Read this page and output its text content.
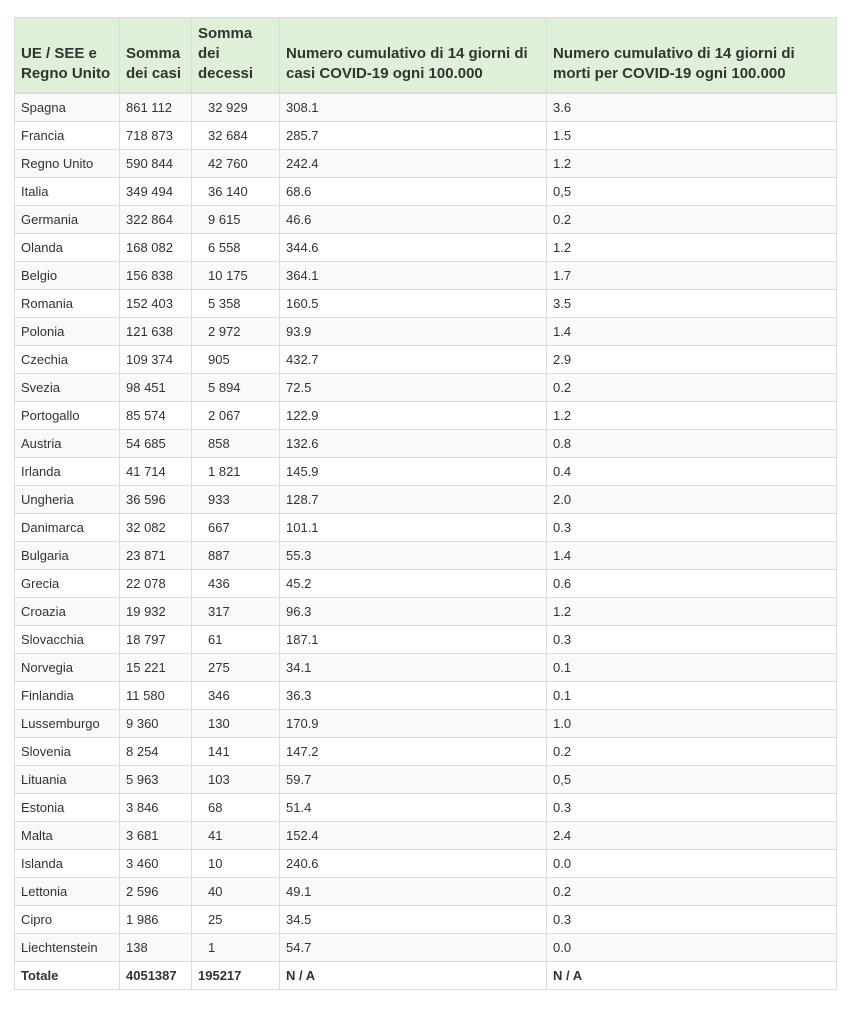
UE / SEE e Regno Unito	Somma dei casi	Somma dei decessi	Numero cumulativo di 14 giorni di casi COVID-19 ogni 100.000	Numero cumulativo di 14 giorni di morti per COVID-19 ogni 100.000
Spagna	861 112	32 929	308.1	3.6
Francia	718 873	32 684	285.7	1.5
Regno Unito	590 844	42 760	242.4	1.2
Italia	349 494	36 140	68.6	0,5
Germania	322 864	9 615	46.6	0.2
Olanda	168 082	6 558	344.6	1.2
Belgio	156 838	10 175	364.1	1.7
Romania	152 403	5 358	160.5	3.5
Polonia	121 638	2 972	93.9	1.4
Czechia	109 374	905	432.7	2.9
Svezia	98 451	5 894	72.5	0.2
Portogallo	85 574	2 067	122.9	1.2
Austria	54 685	858	132.6	0.8
Irlanda	41 714	1 821	145.9	0.4
Ungheria	36 596	933	128.7	2.0
Danimarca	32 082	667	101.1	0.3
Bulgaria	23 871	887	55.3	1.4
Grecia	22 078	436	45.2	0.6
Croazia	19 932	317	96.3	1.2
Slovacchia	18 797	61	187.1	0.3
Norvegia	15 221	275	34.1	0.1
Finlandia	11 580	346	36.3	0.1
Lussemburgo	9 360	130	170.9	1.0
Slovenia	8 254	141	147.2	0.2
Lituania	5 963	103	59.7	0,5
Estonia	3 846	68	51.4	0.3
Malta	3 681	41	152.4	2.4
Islanda	3 460	10	240.6	0.0
Lettonia	2 596	40	49.1	0.2
Cipro	1 986	25	34.5	0.3
Liechtenstein	138	1	54.7	0.0
Totale	4051387	195217	N / A	N / A
